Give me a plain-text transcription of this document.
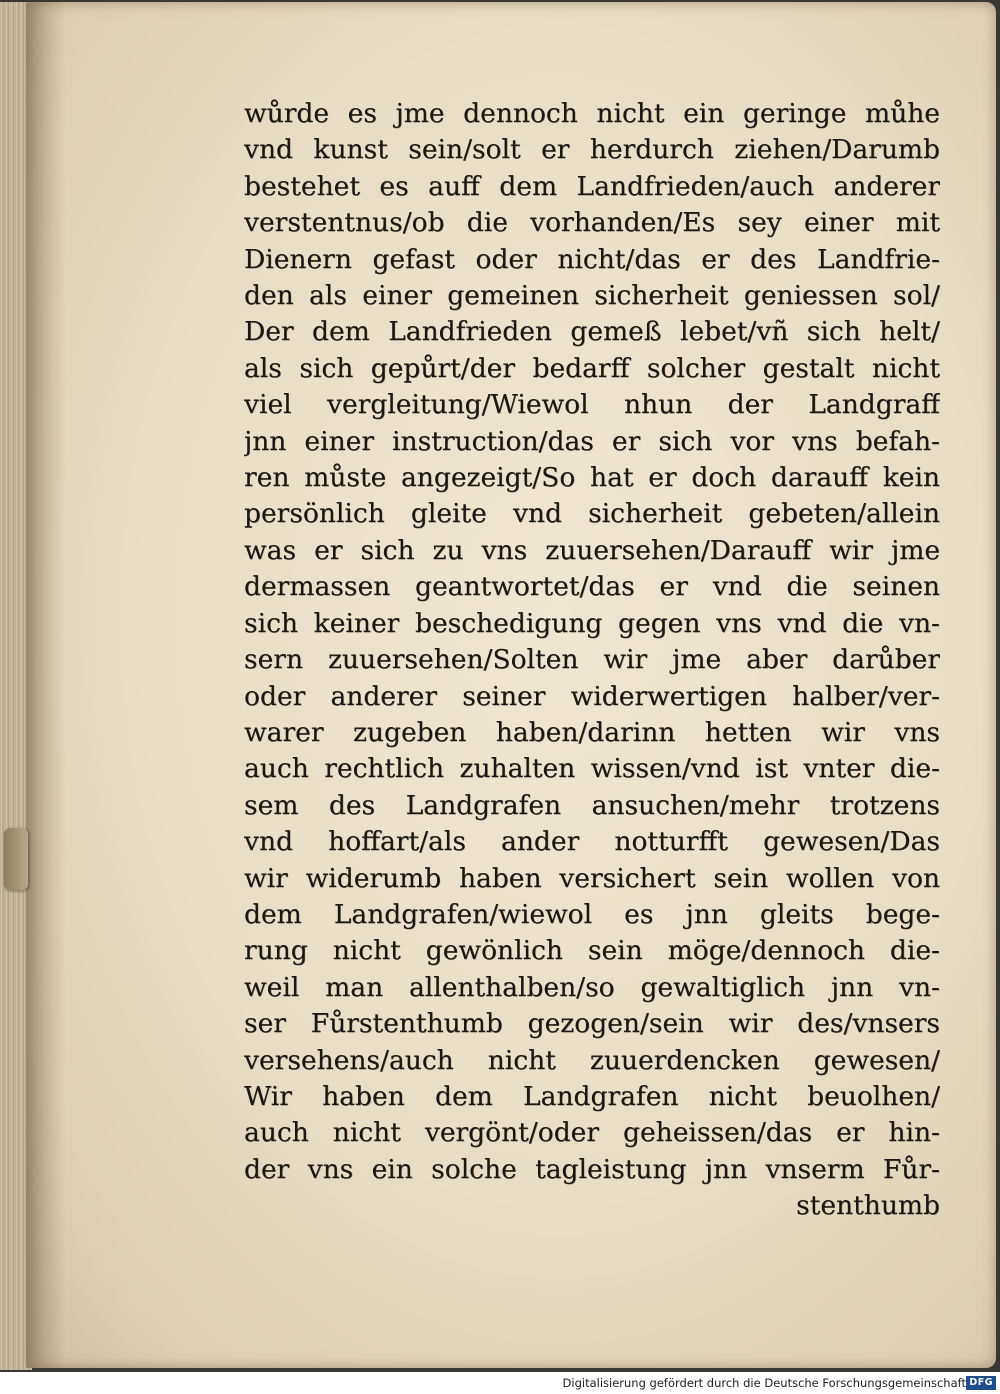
wůrde es jme dennoch nicht ein geringe můhe
vnd kunst sein/solt er herdurch ziehen/Darumb
bestehet es auff dem Landfrieden/auch anderer
verstentnus/ob die vorhanden/Es sey einer mit
Dienern gefast oder nicht/das er des Landfrie-
den als einer gemeinen sicherheit geniessen sol/
Der dem Landfrieden gemeß lebet/vñ sich helt/
als sich gepůrt/der bedarff solcher gestalt nicht
viel vergleitung/Wiewol nhun der Landgraff
jnn einer instruction/das er sich vor vns befah-
ren můste angezeigt/So hat er doch darauff kein
persönlich gleite vnd sicherheit gebeten/allein
was er sich zu vns zuuersehen/Darauff wir jme
dermassen geantwortet/das er vnd die seinen
sich keiner beschedigung gegen vns vnd die vn-
sern zuuersehen/Solten wir jme aber darůber
oder anderer seiner widerwertigen halber/ver-
warer zugeben haben/darinn hetten wir vns
auch rechtlich zuhalten wissen/vnd ist vnter die-
sem des Landgrafen ansuchen/mehr trotzens
vnd hoffart/als ander notturfft gewesen/Das
wir widerumb haben versichert sein wollen von
dem Landgrafen/wiewol es jnn gleits bege-
rung nicht gewönlich sein möge/dennoch die-
weil man allenthalben/so gewaltiglich jnn vn-
ser Fůrstenthumb gezogen/sein wir des/vnsers
versehens/auch nicht zuuerdencken gewesen/
Wir haben dem Landgrafen nicht beuolhen/
auch nicht vergönt/oder geheissen/das er hin-
der vns ein solche tagleistung jnn vnserm Fůr-
stenthumb
Digitalisierung gefördert durch die Deutsche Forschungsgemeinschaft DFG
